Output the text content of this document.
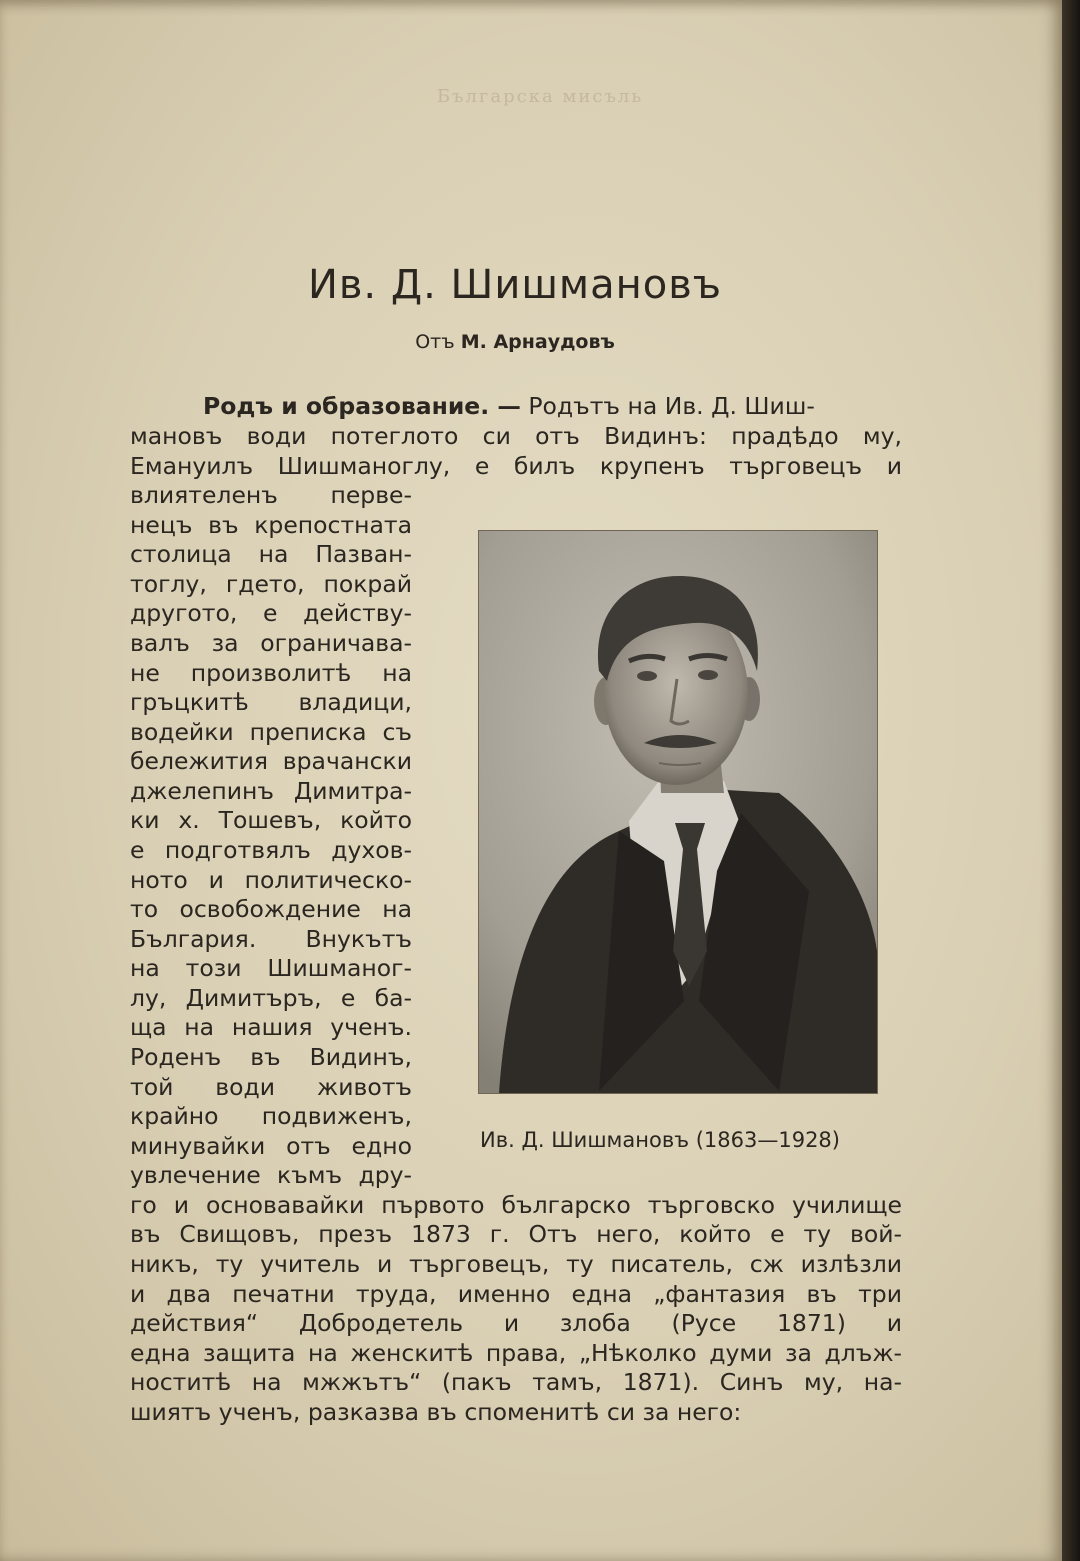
Българска мисъль
Ив. Д. Шишмановъ
Отъ М. Арнаудовъ
Родъ и образование. — Родътъ на Ив. Д. Шиш-
мановъ води потеглото си отъ Видинъ: прадѣдо му,
Емануилъ Шишманоглу, е билъ крупенъ търговецъ и
влиятеленъ перве-
нецъ въ крепостната
столица на Пазван-
тоглу, гдето, покрай
другото, е действу-
валъ за ограничава-
не произволитѣ на
гръцкитѣ владици,
водейки преписка съ
бележития врачански
джелепинъ Димитра-
ки х. Тошевъ, който
е подготвялъ духов-
ното и политическо-
то освобождение на
България. Внукътъ
на този Шишманог-
лу, Димитъръ, е ба-
ща на нашия ученъ.
Роденъ въ Видинъ,
той води животъ
крайно подвиженъ,
минувайки отъ едно
увлечение къмъ дру-
го и основавайки първото българско търговско училище
въ Свищовъ, презъ 1873 г. Отъ него, който е ту вой-
никъ, ту учитель и търговецъ, ту писатель, сж излѣзли
и два печатни труда, именно една „фантазия въ три
действия“ Добродетель и злоба (Русе 1871) и
една защита на женскитѣ права, „Нѣколко думи за длъж-
ноститѣ на мжжътъ“ (пакъ тамъ, 1871). Синъ му, на-
шиятъ ученъ, разказва въ споменитѣ си за него:
Ив. Д. Шишмановъ (1863—1928)
